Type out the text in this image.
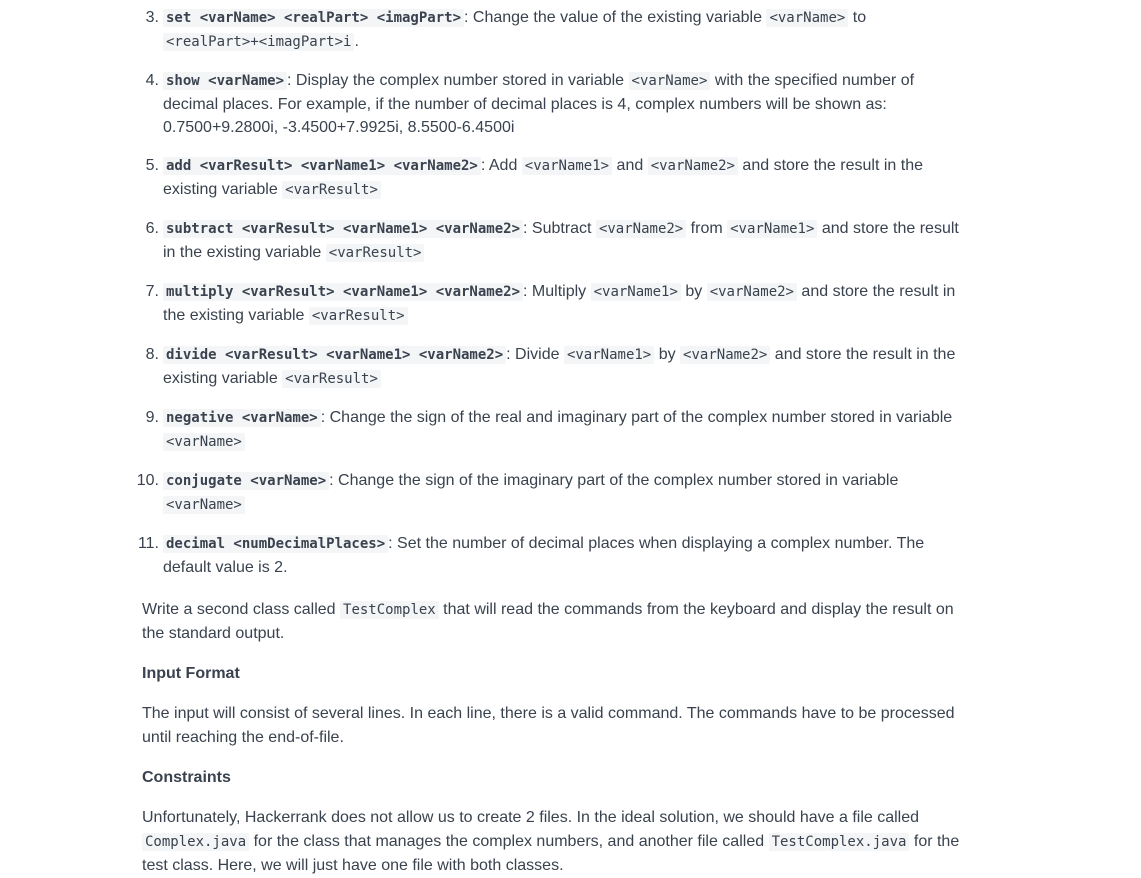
3. set <varName> <realPart> <imagPart> : Change the value of the existing variable <varName> to <realPart>+<imagPart>i .
4. show <varName> : Display the complex number stored in variable <varName> with the specified number of decimal places. For example, if the number of decimal places is 4, complex numbers will be shown as: 0.7500+9.2800i, -3.4500+7.9925i, 8.5500-6.4500i
5. add <varResult> <varName1> <varName2> : Add <varName1> and <varName2> and store the result in the existing variable <varResult>
6. subtract <varResult> <varName1> <varName2> : Subtract <varName2> from <varName1> and store the result in the existing variable <varResult>
7. multiply <varResult> <varName1> <varName2> : Multiply <varName1> by <varName2> and store the result in the existing variable <varResult>
8. divide <varResult> <varName1> <varName2> : Divide <varName1> by <varName2> and store the result in the existing variable <varResult>
9. negative <varName> : Change the sign of the real and imaginary part of the complex number stored in variable <varName>
10. conjugate <varName> : Change the sign of the imaginary part of the complex number stored in variable <varName>
11. decimal <numDecimalPlaces> : Set the number of decimal places when displaying a complex number. The default value is 2.

Write a second class called TestComplex that will read the commands from the keyboard and display the result on the standard output.

Input Format

The input will consist of several lines. In each line, there is a valid command. The commands have to be processed until reaching the end-of-file.

Constraints

Unfortunately, Hackerrank does not allow us to create 2 files. In the ideal solution, we should have a file called Complex.java for the class that manages the complex numbers, and another file called TestComplex.java for the test class. Here, we will just have one file with both classes.
